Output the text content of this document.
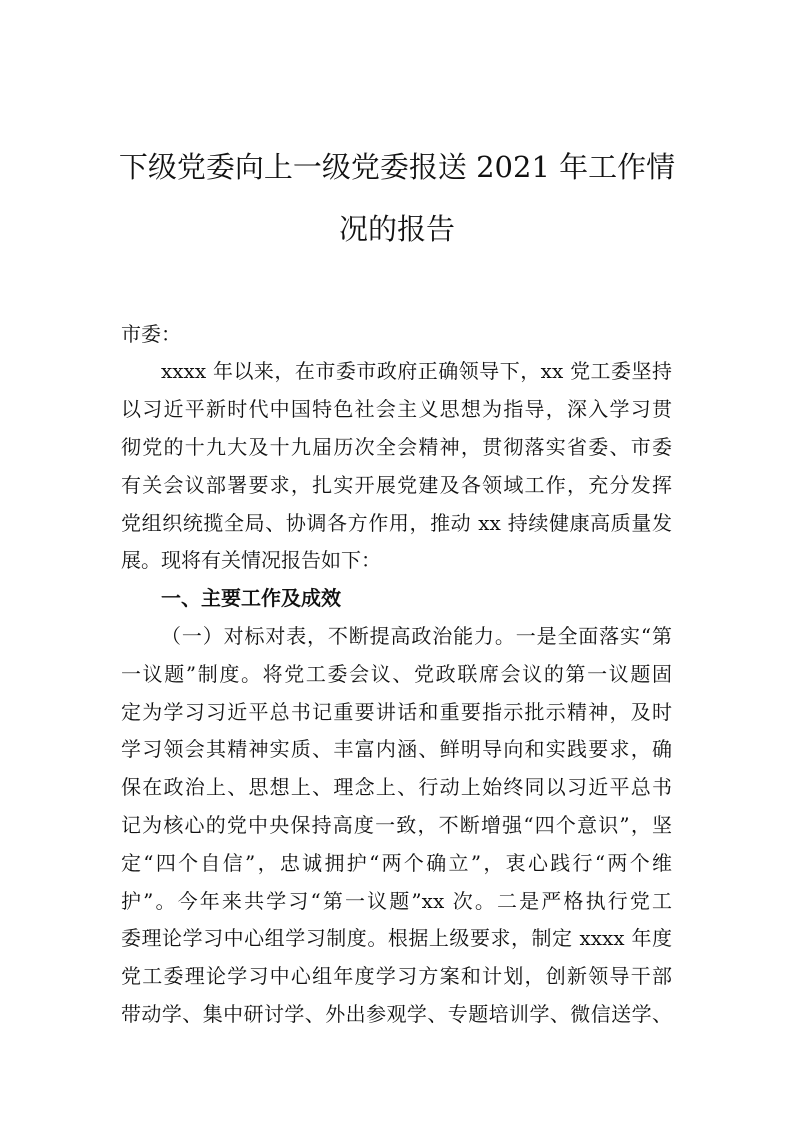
下级党委向上一级党委报送 2021 年工作情
况的报告
市委：
xxxx 年以来，在市委市政府正确领导下，xx 党工委坚持
以习近平新时代中国特色社会主义思想为指导，深入学习贯
彻党的十九大及十九届历次全会精神，贯彻落实省委、市委
有关会议部署要求，扎实开展党建及各领域工作，充分发挥
党组织统揽全局、协调各方作用，推动 xx 持续健康高质量发
展。现将有关情况报告如下：
一、主要工作及成效
（一）对标对表，不断提高政治能力。一是全面落实“第
一议题”制度。将党工委会议、党政联席会议的第一议题固
定为学习习近平总书记重要讲话和重要指示批示精神，及时
学习领会其精神实质、丰富内涵、鲜明导向和实践要求，确
保在政治上、思想上、理念上、行动上始终同以习近平总书
记为核心的党中央保持高度一致，不断增强“四个意识”，坚
定“四个自信”，忠诚拥护“两个确立”，衷心践行“两个维
护”。今年来共学习“第一议题”xx 次。二是严格执行党工
委理论学习中心组学习制度。根据上级要求，制定 xxxx 年度
党工委理论学习中心组年度学习方案和计划，创新领导干部
带动学、集中研讨学、外出参观学、专题培训学、微信送学、
